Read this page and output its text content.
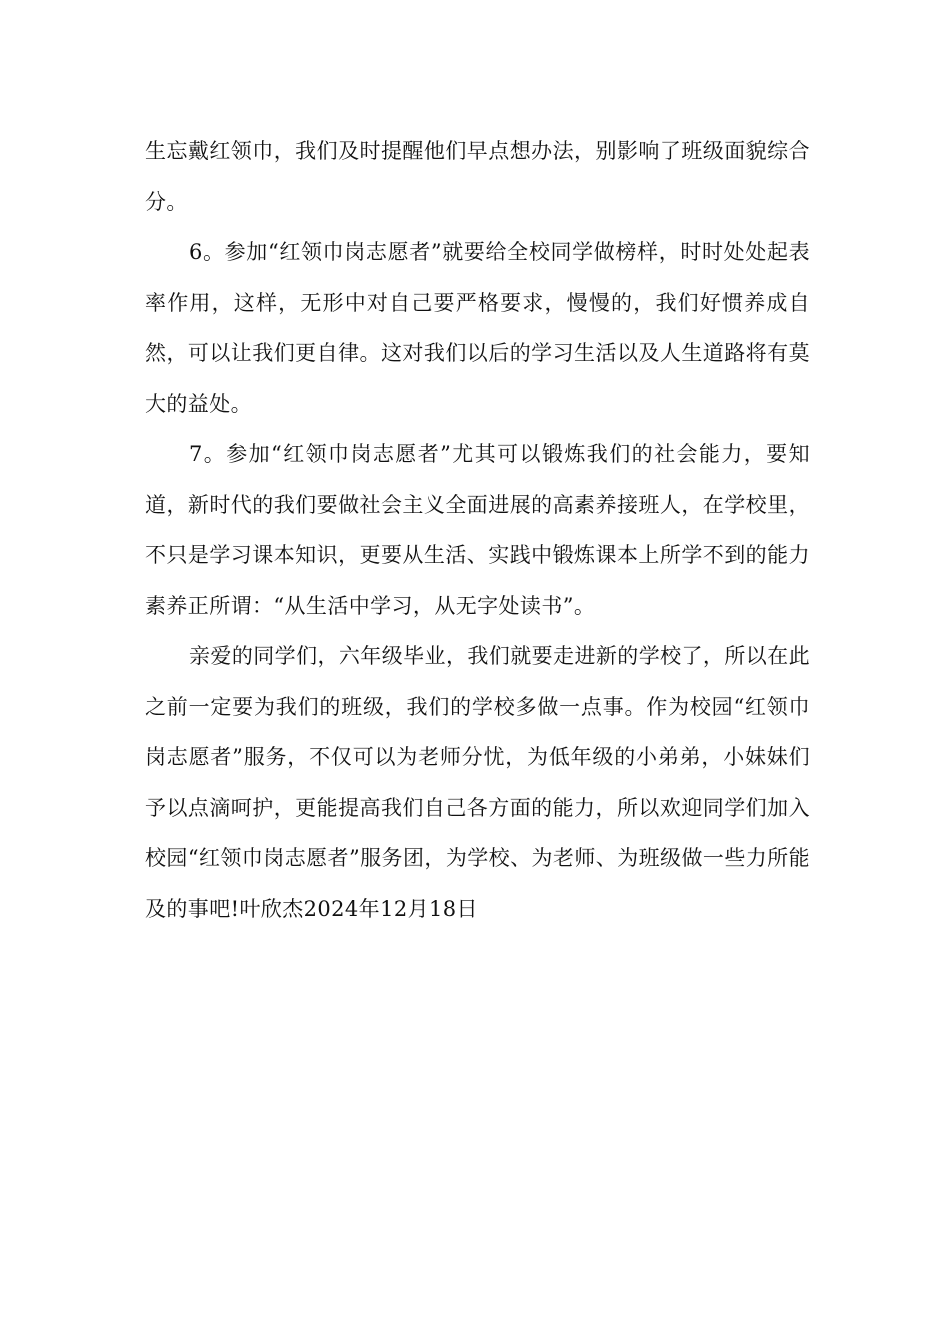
生忘戴红领巾，我们及时提醒他们早点想办法，别影响了班级面貌综合分。

6。参加“红领巾岗志愿者”就要给全校同学做榜样，时时处处起表率作用，这样，无形中对自己要严格要求，慢慢的，我们好惯养成自然，可以让我们更自律。这对我们以后的学习生活以及人生道路将有莫大的益处。

7。参加“红领巾岗志愿者”尤其可以锻炼我们的社会能力，要知道，新时代的我们要做社会主义全面进展的高素养接班人，在学校里，不只是学习课本知识，更要从生活、实践中锻炼课本上所学不到的能力素养正所谓：“从生活中学习，从无字处读书”。

亲爱的同学们，六年级毕业，我们就要走进新的学校了，所以在此之前一定要为我们的班级，我们的学校多做一点事。作为校园“红领巾岗志愿者”服务，不仅可以为老师分忧，为低年级的小弟弟，小妹妹们予以点滴呵护，更能提高我们自己各方面的能力，所以欢迎同学们加入校园“红领巾岗志愿者”服务团，为学校、为老师、为班级做一些力所能及的事吧!叶欣杰2024年12月18日
